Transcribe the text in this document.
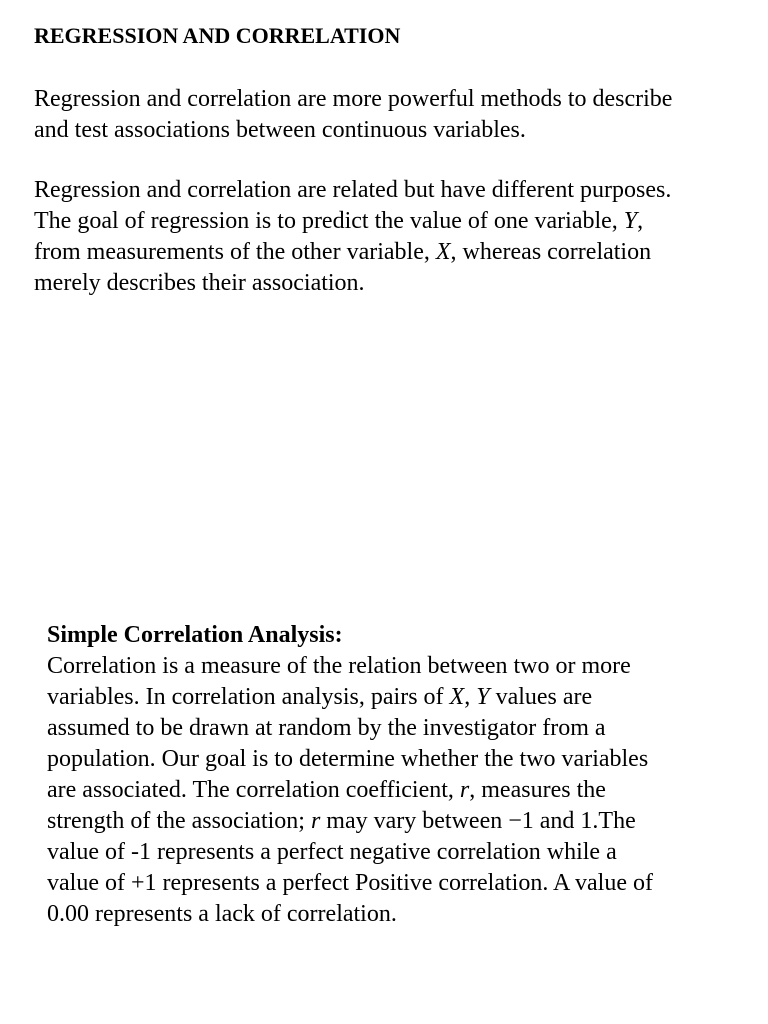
REGRESSION AND CORRELATION

Regression and correlation are more powerful methods to describe
and test associations between continuous variables.

Regression and correlation are related but have different purposes.
The goal of regression is to predict the value of one variable, Y,
from measurements of the other variable, X, whereas correlation
merely describes their association.

Simple Correlation Analysis:

Correlation is a measure of the relation between two or more
variables. In correlation analysis, pairs of X, Y values are
assumed to be drawn at random by the investigator from a
population. Our goal is to determine whether the two variables
are associated. The correlation coefficient, r, measures the
strength of the association; r may vary between −1 and 1.The
value of -1 represents a perfect negative correlation while a
value of +1 represents a perfect Positive correlation. A value of
0.00 represents a lack of correlation.
